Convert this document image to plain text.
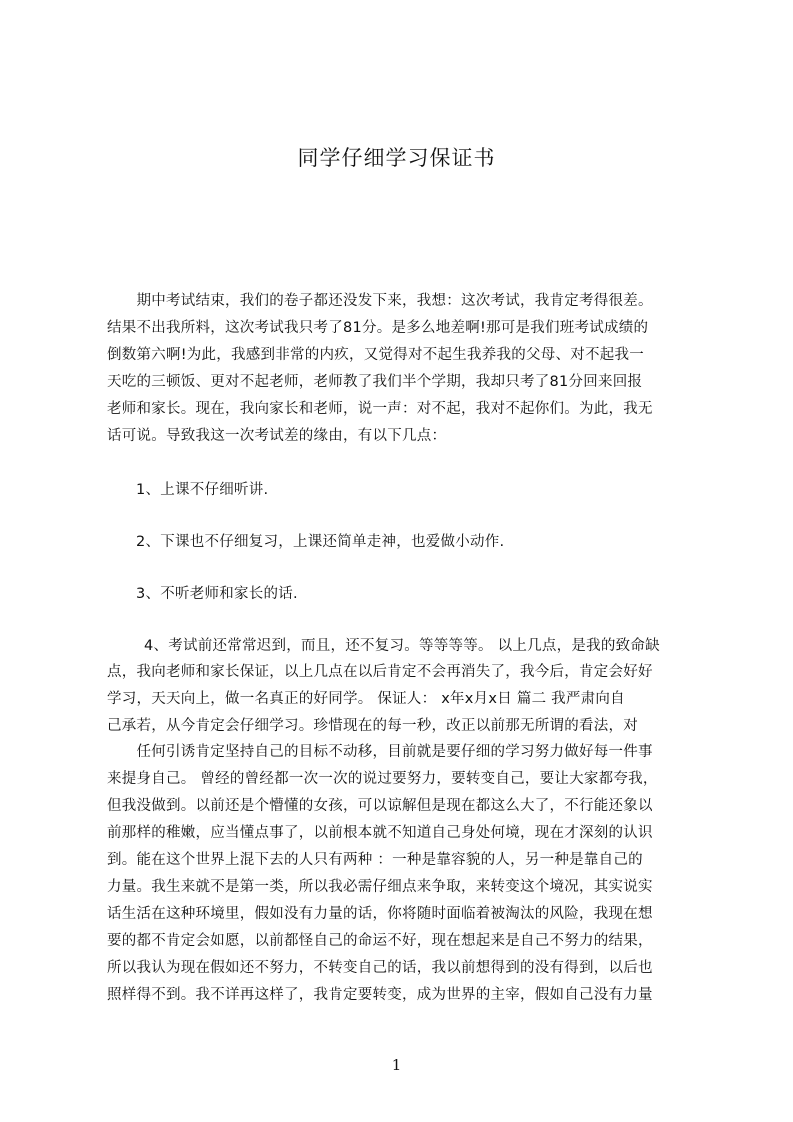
同学仔细学习保证书
　　期中考试结束，我们的卷子都还没发下来，我想：这次考试，我肯定考得很差。
结果不出我所料，这次考试我只考了81分。是多么地差啊!那可是我们班考试成绩的
倒数第六啊!为此，我感到非常的内疚，又觉得对不起生我养我的父母、对不起我一
天吃的三顿饭、更对不起老师，老师教了我们半个学期，我却只考了81分回来回报
老师和家长。现在，我向家长和老师，说一声：对不起，我对不起你们。为此，我无
话可说。导致我这一次考试差的缘由，有以下几点：
1、上课不仔细听讲.
2、下课也不仔细复习，上课还简单走神，也爱做小动作.
3、不听老师和家长的话.
4、考试前还常常迟到，而且，还不复习。等等等等。 以上几点，是我的致命缺
点，我向老师和家长保证，以上几点在以后肯定不会再消失了，我今后，肯定会好好
学习，天天向上，做一名真正的好同学。 保证人： x年x月x日 篇二 我严肃向自
己承若，从今肯定会仔细学习。珍惜现在的每一秒，改正以前那无所谓的看法，对
　　任何引诱肯定坚持自己的目标不动移，目前就是要仔细的学习努力做好每一件事
来提身自己。 曾经的曾经都一次一次的说过要努力，要转变自己，要让大家都夸我，
但我没做到。以前还是个懵懂的女孩，可以谅解但是现在都这么大了，不行能还象以
前那样的稚嫩，应当懂点事了，以前根本就不知道自己身处何境，现在才深刻的认识
到。能在这个世界上混下去的人只有两种 ：一种是靠容貌的人，另一种是靠自己的
力量。我生来就不是第一类，所以我必需仔细点来争取，来转变这个境况，其实说实
话生活在这种环境里，假如没有力量的话，你将随时面临着被淘汰的风险，我现在想
要的都不肯定会如愿，以前都怪自己的命运不好，现在想起来是自己不努力的结果，
所以我认为现在假如还不努力，不转变自己的话，我以前想得到的没有得到，以后也
照样得不到。我不详再这样了，我肯定要转变，成为世界的主宰，假如自己没有力量
1
